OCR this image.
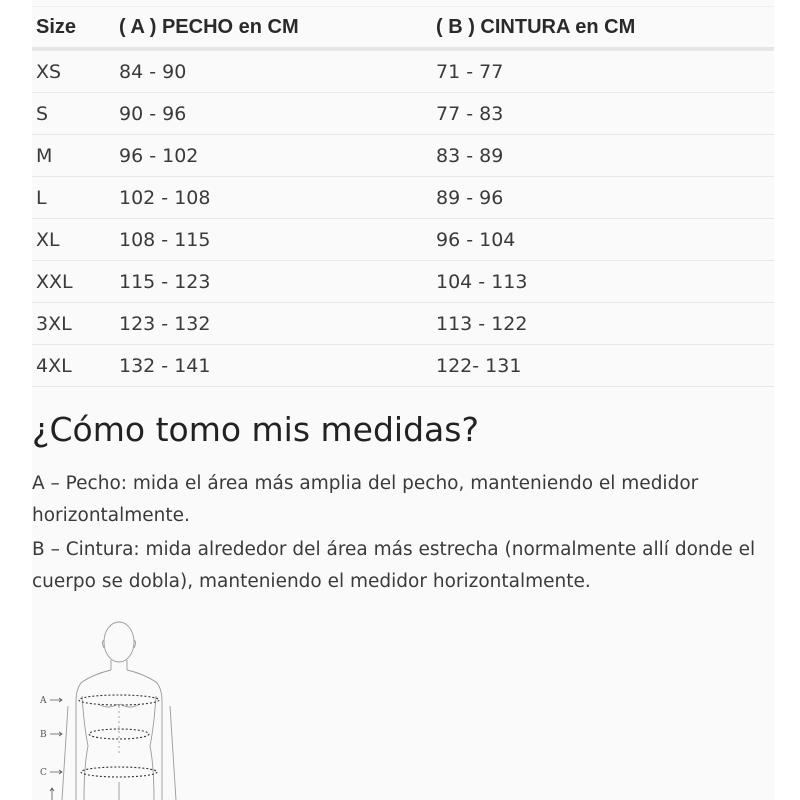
Size	( A ) PECHO en CM	( B ) CINTURA en CM
XS	84 - 90	71 - 77
S	90 - 96	77 - 83
M	96 - 102	83 - 89
L	102 - 108	89 - 96
XL	108 - 115	96 - 104
XXL	115 - 123	104 - 113
3XL	123 - 132	113 - 122
4XL	132 - 141	122- 131
¿Cómo tomo mis medidas?

A – Pecho: mida el área más amplia del pecho, manteniendo el medidor horizontalmente.

B – Cintura: mida alrededor del área más estrecha (normalmente allí donde el cuerpo se dobla), manteniendo el medidor horizontalmente.

A
B
C
